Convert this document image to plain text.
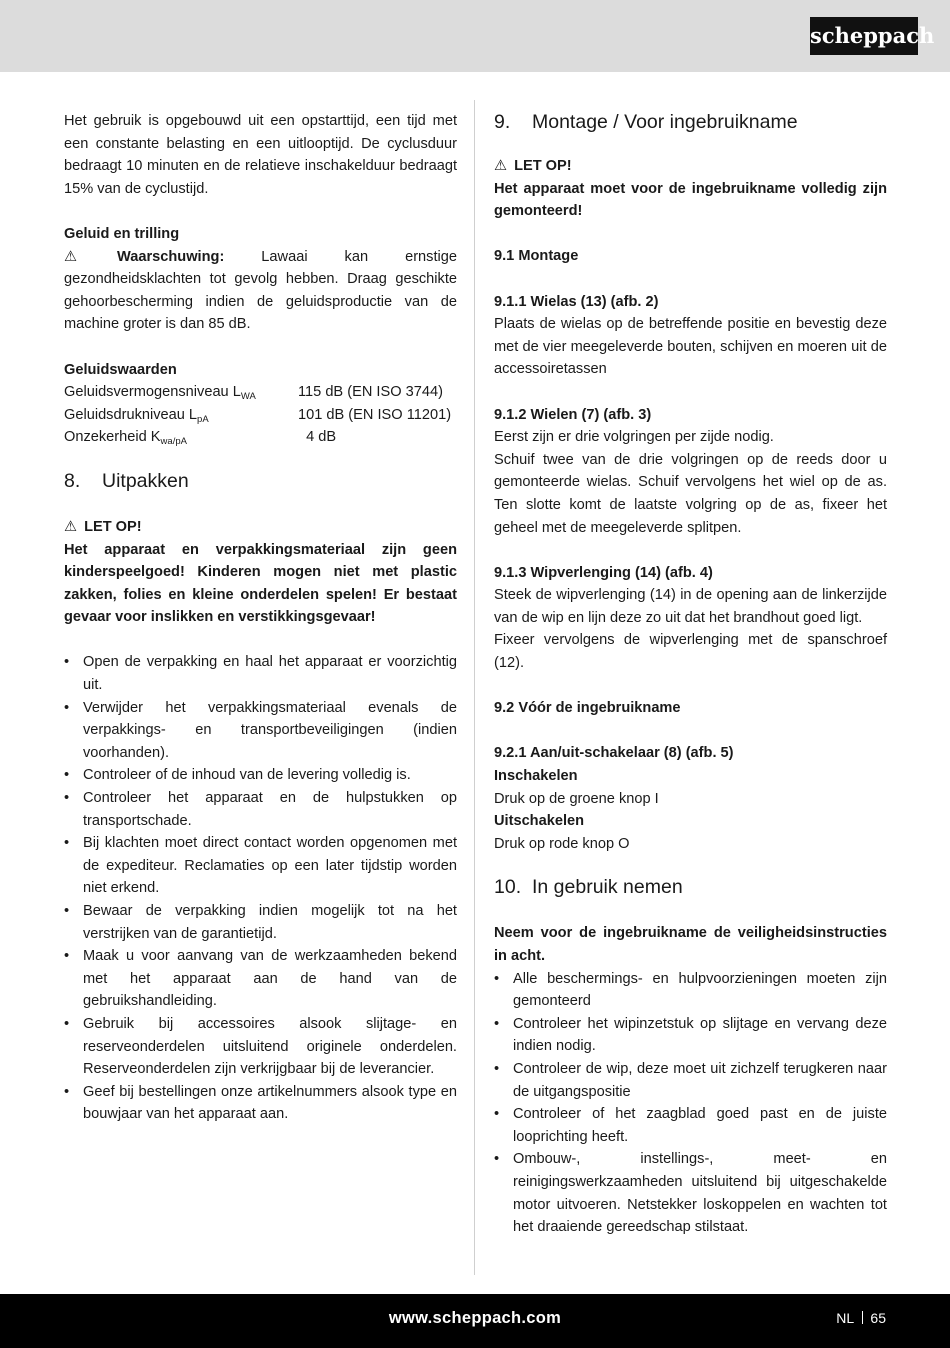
scheppach

Het gebruik is opgebouwd uit een opstarttijd, een tijd met een constante belasting en een uitlooptijd. De cyclusduur bedraagt 10 minuten en de relatieve inschakelduur bedraagt 15% van de cyclustijd.

Geluid en trilling

⚠	Waarschuwing: Lawaai kan ernstige gezondheidsklachten tot gevolg hebben. Draag geschikte gehoorbescherming indien de geluidsproductie van de machine groter is dan 85 dB.

Geluidswaarden

Geluidsvermogensniveau $L_{WA}$	115 dB (EN ISO 3744)
Geluidsdrukniveau $L_{pA}$	101 dB (EN ISO 11201)
Onzekerheid $K_{wa/pA}$	4 dB
8.	Uitpakken

⚠ LET OP!

Het apparaat en verpakkingsmateriaal zijn geen kinderspeelgoed! Kinderen mogen niet met plastic zakken, folies en kleine onderdelen spelen! Er bestaat gevaar voor inslikken en verstikkingsgevaar!

• Open de verpakking en haal het apparaat er voorzichtig uit.
• Verwijder het verpakkingsmateriaal evenals de verpakkings- en transportbeveiligingen (indien voorhanden).
• Controleer of de inhoud van de levering volledig is.
• Controleer het apparaat en de hulpstukken op transportschade.
• Bij klachten moet direct contact worden opgenomen met de expediteur. Reclamaties op een later tijdstip worden niet erkend.
• Bewaar de verpakking indien mogelijk tot na het verstrijken van de garantietijd.
• Maak u voor aanvang van de werkzaamheden bekend met het apparaat aan de hand van de gebruikshandleiding.
• Gebruik bij accessoires alsook slijtage- en reserveonderdelen uitsluitend originele onderdelen. Reserveonderdelen zijn verkrijgbaar bij de leverancier.
• Geef bij bestellingen onze artikelnummers alsook type en bouwjaar van het apparaat aan.
9.	Montage / Voor ingebruikname

⚠ LET OP!

Het apparaat moet voor de ingebruikname volledig zijn gemonteerd!

9.1 Montage

9.1.1 Wielas (13) (afb. 2)

Plaats de wielas op de betreffende positie en bevestig deze met de vier meegeleverde bouten, schijven en moeren uit de accessoiretassen

9.1.2 Wielen (7) (afb. 3)

Eerst zijn er drie volgringen per zijde nodig.

Schuif twee van de drie volgringen op de reeds door u gemonteerde wielas. Schuif vervolgens het wiel op de as. Ten slotte komt de laatste volgring op de as, fixeer het geheel met de meegeleverde splitpen.

9.1.3 Wipverlenging (14) (afb. 4)

Steek de wipverlenging (14) in de opening aan de linkerzijde van de wip en lijn deze zo uit dat het brandhout goed ligt.

Fixeer vervolgens de wipverlenging met de spanschroef (12).

9.2 Vóór de ingebruikname

9.2.1 Aan/uit-schakelaar (8) (afb. 5)

Inschakelen

Druk op de groene knop I

Uitschakelen

Druk op rode knop O

10. In gebruik nemen

Neem voor de ingebruikname de veiligheidsinstructies in acht.

• Alle beschermings- en hulpvoorzieningen moeten zijn gemonteerd
• Controleer het wipinzetstuk op slijtage en vervang deze indien nodig.
• Controleer de wip, deze moet uit zichzelf terugkeren naar de uitgangspositie
• Controleer of het zaagblad goed past en de juiste looprichting heeft.
• Ombouw-, instellings-, meet- en reinigingswerkzaamheden uitsluitend bij uitgeschakelde motor uitvoeren. Netstekker loskoppelen en wachten tot het draaiende gereedschap stilstaat.
www.scheppach.com	NL 65
